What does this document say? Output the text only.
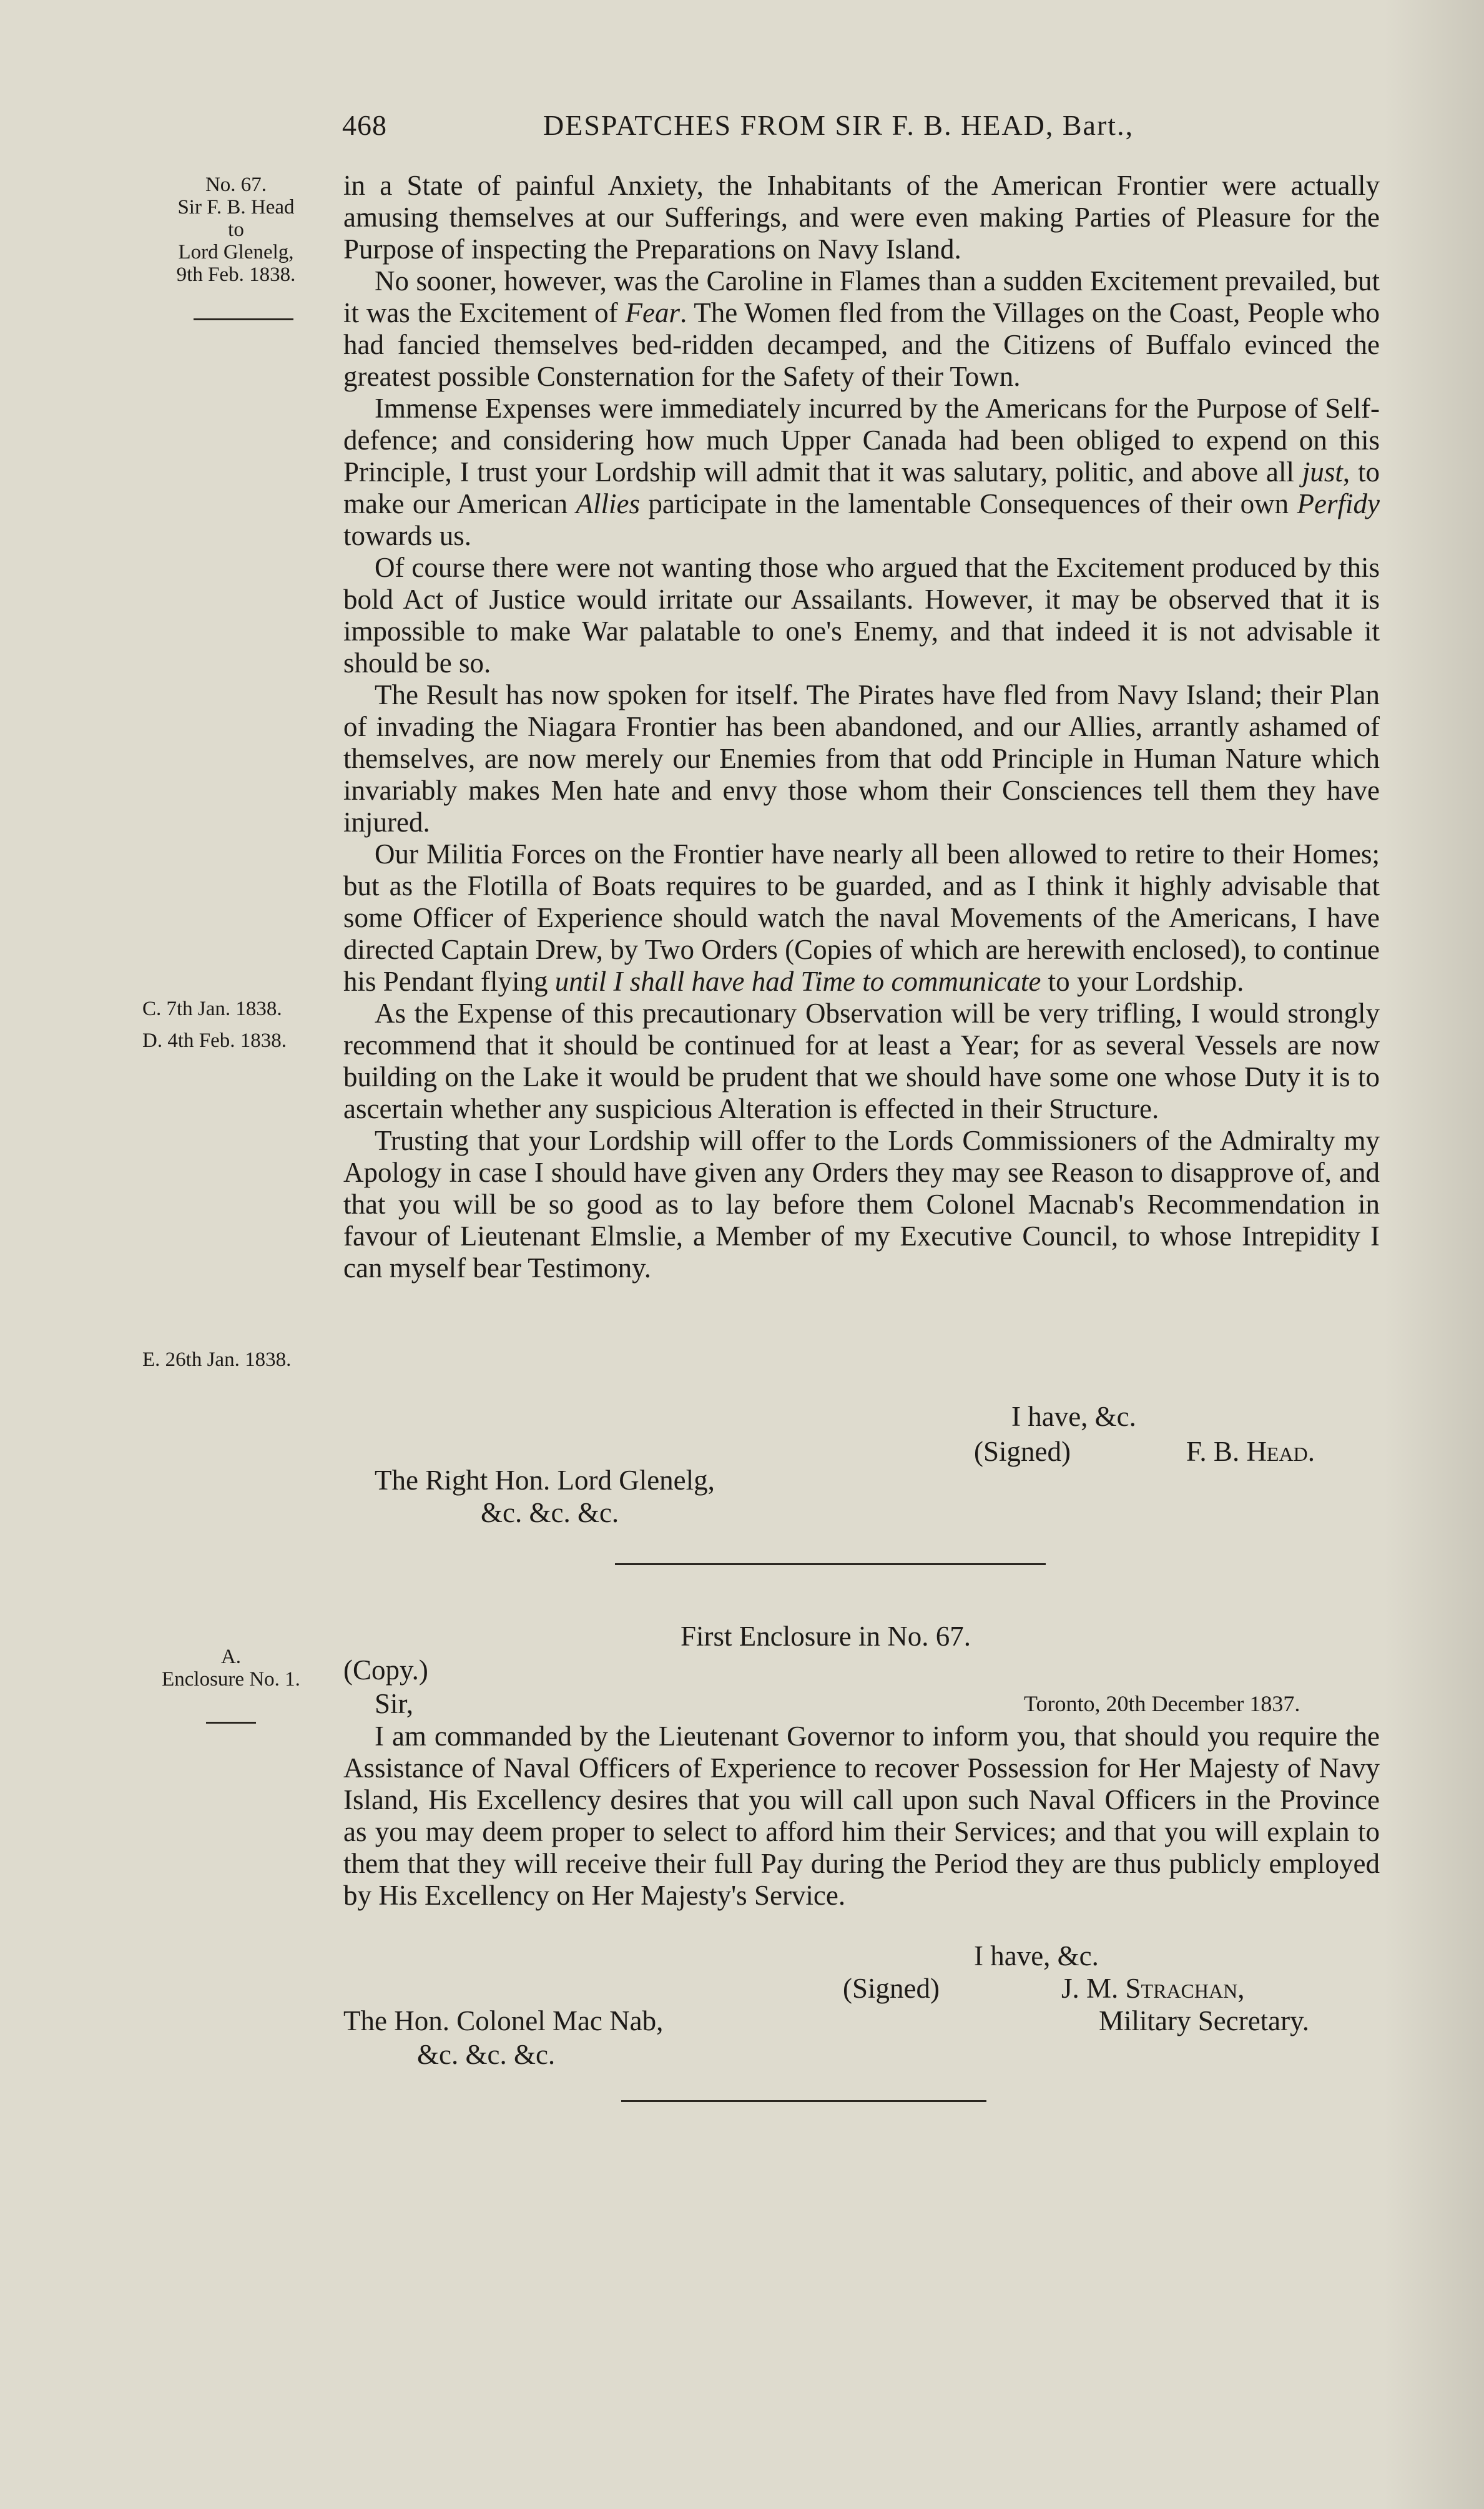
468	DESPATCHES FROM SIR F. B. HEAD, Bart.,
No. 67.
Sir F. B. Head
to
Lord Glenelg,
9th Feb. 1838.
C. 7th Jan. 1838.
D. 4th Feb. 1838.
E. 26th Jan. 1838.
A.
Enclosure No. 1.

in a State of painful Anxiety, the Inhabitants of the American Frontier were actually amusing themselves at our Sufferings, and were even making Parties of Pleasure for the Purpose of inspecting the Preparations on Navy Island.

No sooner, however, was the Caroline in Flames than a sudden Excitement prevailed, but it was the Excitement of Fear. The Women fled from the Villages on the Coast, People who had fancied themselves bed-ridden decamped, and the Citizens of Buffalo evinced the greatest possible Consternation for the Safety of their Town.

Immense Expenses were immediately incurred by the Americans for the Purpose of Self-defence; and considering how much Upper Canada had been obliged to expend on this Principle, I trust your Lordship will admit that it was salutary, politic, and above all just, to make our American Allies participate in the lamentable Consequences of their own Perfidy towards us.

Of course there were not wanting those who argued that the Excitement produced by this bold Act of Justice would irritate our Assailants. However, it may be observed that it is impossible to make War palatable to one's Enemy, and that indeed it is not advisable it should be so.

The Result has now spoken for itself. The Pirates have fled from Navy Island; their Plan of invading the Niagara Frontier has been abandoned, and our Allies, arrantly ashamed of themselves, are now merely our Enemies from that odd Principle in Human Nature which invariably makes Men hate and envy those whom their Consciences tell them they have injured.

Our Militia Forces on the Frontier have nearly all been allowed to retire to their Homes; but as the Flotilla of Boats requires to be guarded, and as I think it highly advisable that some Officer of Experience should watch the naval Movements of the Americans, I have directed Captain Drew, by Two Orders (Copies of which are herewith enclosed), to continue his Pendant flying until I shall have had Time to communicate to your Lordship.

As the Expense of this precautionary Observation will be very trifling, I would strongly recommend that it should be continued for at least a Year; for as several Vessels are now building on the Lake it would be prudent that we should have some one whose Duty it is to ascertain whether any suspicious Alteration is effected in their Structure.

Trusting that your Lordship will offer to the Lords Commissioners of the Admiralty my Apology in case I should have given any Orders they may see Reason to disapprove of, and that you will be so good as to lay before them Colonel Macnab's Recommendation in favour of Lieutenant Elmslie, a Member of my Executive Council, to whose Intrepidity I can myself bear Testimony.

I have, &c.
(Signed)	F. B. Head.
The Right Hon. Lord Glenelg,
&c. &c. &c.
First Enclosure in No. 67.
(Copy.)
Sir,	Toronto, 20th December 1837.

I am commanded by the Lieutenant Governor to inform you, that should you require the Assistance of Naval Officers of Experience to recover Possession for Her Majesty of Navy Island, His Excellency desires that you will call upon such Naval Officers in the Province as you may deem proper to select to afford him their Services; and that you will explain to them that they will receive their full Pay during the Period they are thus publicly employed by His Excellency on Her Majesty's Service.

I have, &c.
(Signed)	J. M. Strachan,
The Hon. Colonel Mac Nab,	Military Secretary.
&c. &c. &c.
